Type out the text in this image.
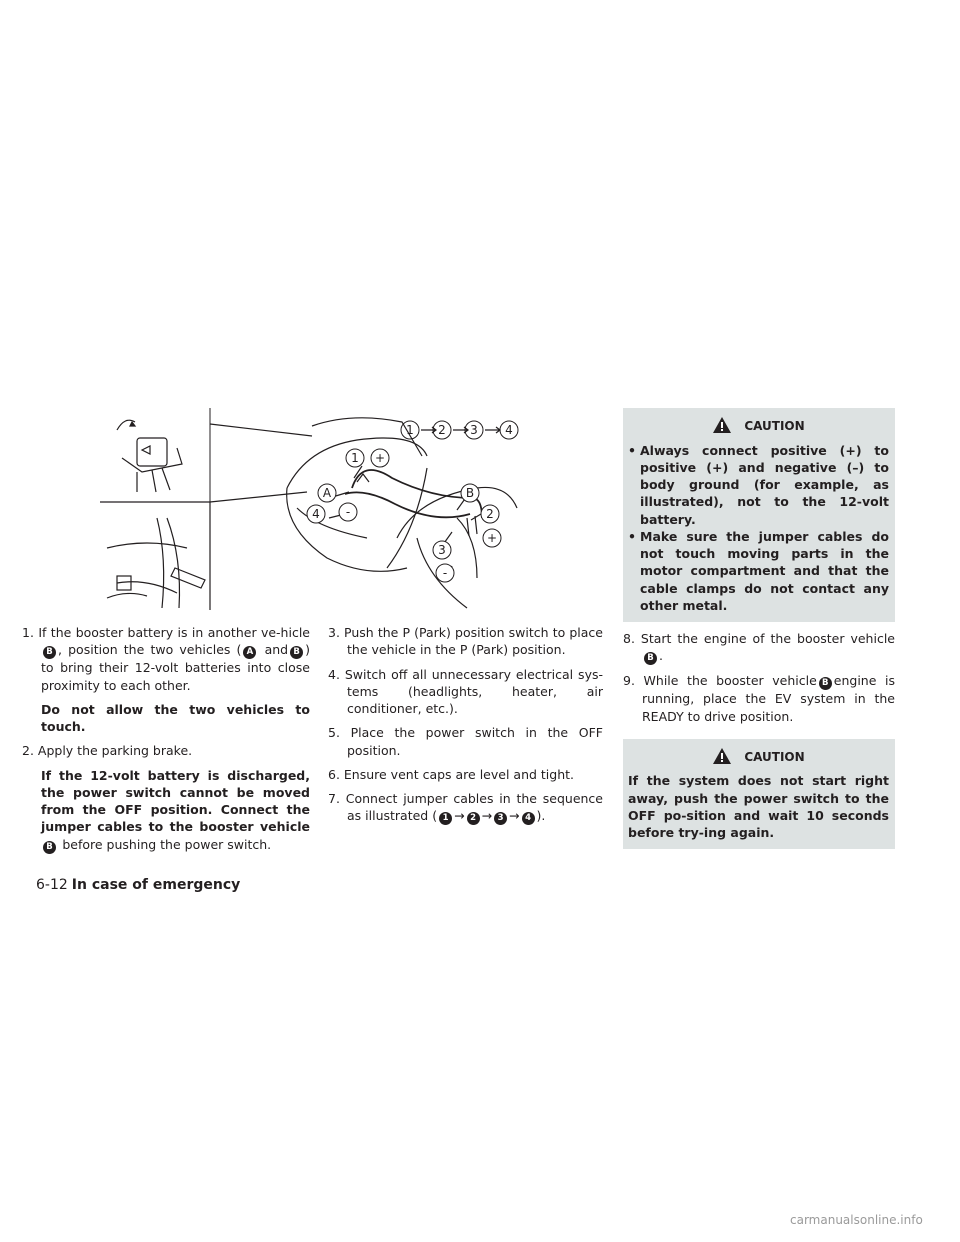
1 2 3 4
1 +
A
4 -
B
2
+
3
-

1. If the booster battery is in another ve-hicleB , position the two vehicles ( A and B ) to bring their 12-volt batteries into close proximity to each other.

Do not allow the two vehicles to touch.

2. Apply the parking brake.

If the 12-volt battery is discharged, the power switch cannot be moved from the OFF position. Connect the jumper cables to the booster vehicle B before pushing the power switch.

3. Push the P (Park) position switch to place the vehicle in the P (Park) position.

4. Switch off all unnecessary electrical sys-tems (headlights, heater, air conditioner, etc.).

5. Place the power switch in the OFF position.

6. Ensure vent caps are level and tight.

7. Connect jumper cables in the sequence as illustrated ( 1 → 2 → 3 → 4 ).

CAUTION
• Always connect positive (+) to positive (+) and negative (–) to body ground (for example, as illustrated), not to the 12-volt battery.
• Make sure the jumper cables do not touch moving parts in the motor compartment and that the cable clamps do not contact any other metal.

8. Start the engine of the booster vehicle B .

9. While the booster vehicle B engine is running, place the EV system in the READY to drive position.

CAUTION

If the system does not start right away, push the power switch to the OFF po-sition and wait 10 seconds before try-ing again.

6-12 In case of emergency
carmanualsonline.info
